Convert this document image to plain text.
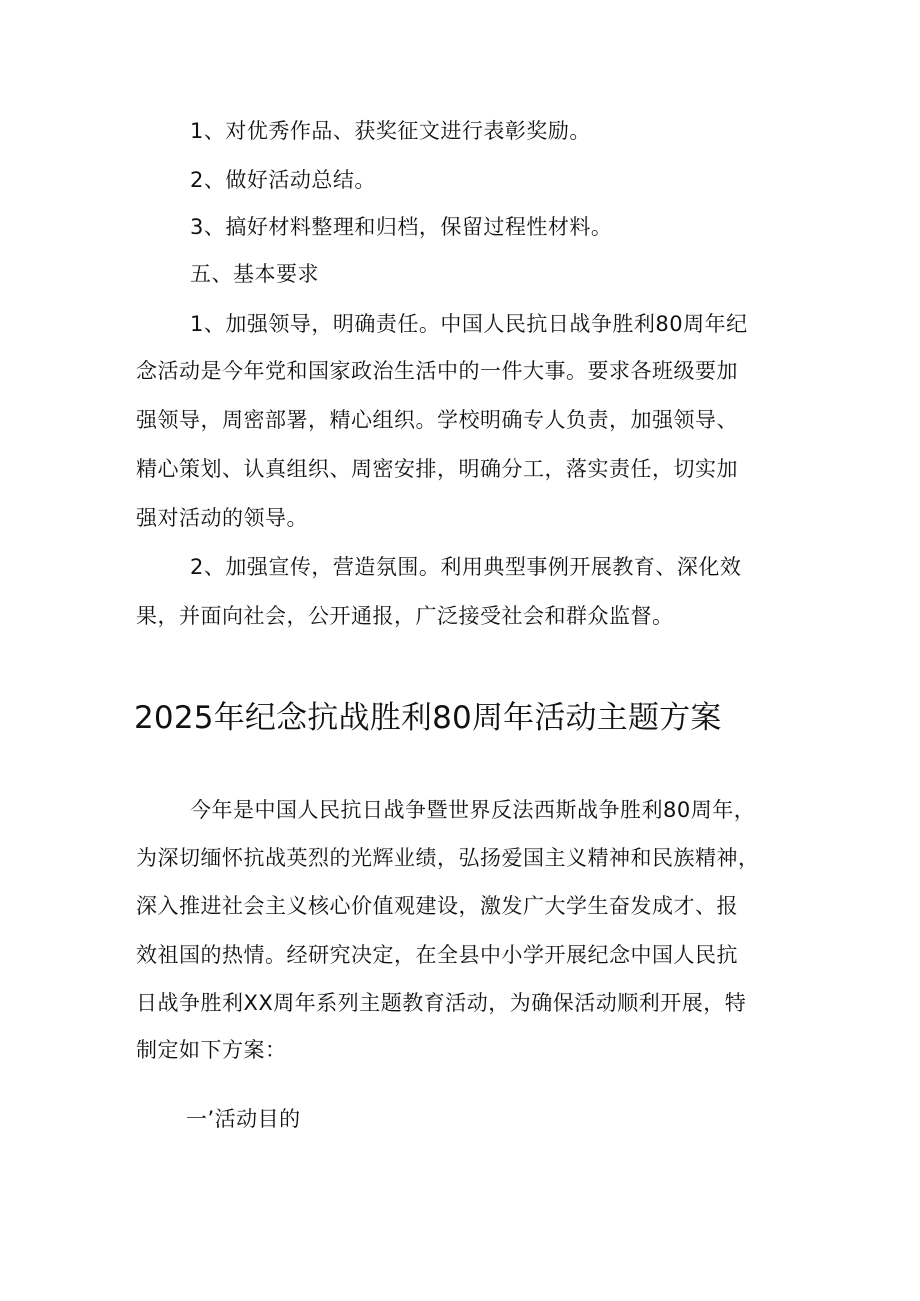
1、对优秀作品、获奖征文进行表彰奖励。
2、做好活动总结。
3、搞好材料整理和归档，保留过程性材料。
五、基本要求
1、加强领导，明确责任。中国人民抗日战争胜利80周年纪
念活动是今年党和国家政治生活中的一件大事。要求各班级要加
强领导，周密部署，精心组织。学校明确专人负责，加强领导、
精心策划、认真组织、周密安排，明确分工，落实责任，切实加
强对活动的领导。
2、加强宣传，营造氛围。利用典型事例开展教育、深化效
果，并面向社会，公开通报，广泛接受社会和群众监督。
2025年纪念抗战胜利80周年活动主题方案
今年是中国人民抗日战争暨世界反法西斯战争胜利80周年，
为深切缅怀抗战英烈的光辉业绩，弘扬爱国主义精神和民族精神，
深入推进社会主义核心价值观建设，激发广大学生奋发成才、报
效祖国的热情。经研究决定，在全县中小学开展纪念中国人民抗
日战争胜利XX周年系列主题教育活动，为确保活动顺利开展，特
制定如下方案：
一’活动目的
